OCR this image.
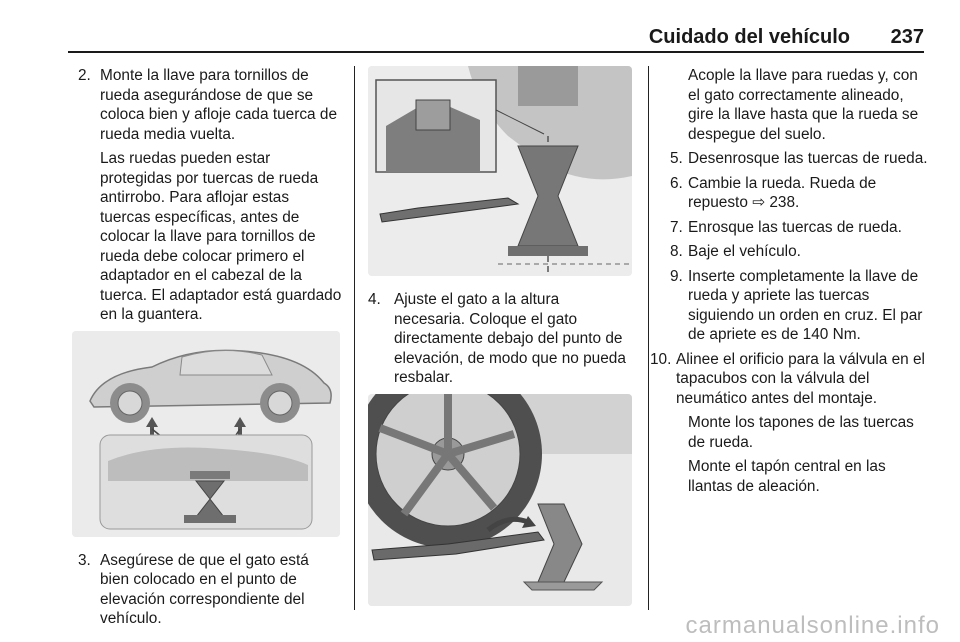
Cuidado del vehículo 237
2. Monte la llave para tornillos de rueda asegurándose de que se coloca bien y afloje cada tuerca de rueda media vuelta.
Las ruedas pueden estar protegidas por tuercas de rueda antirrobo. Para aflojar estas tuercas específicas, antes de colocar la llave para tornillos de rueda debe colocar primero el adaptador en el cabezal de la tuerca. El adaptador está guardado en la guantera.
3. Asegúrese de que el gato está bien colocado en el punto de elevación correspondiente del vehículo.
4. Ajuste el gato a la altura necesaria. Coloque el gato directamente debajo del punto de elevación, de modo que no pueda resbalar.
Acople la llave para ruedas y, con el gato correctamente alineado, gire la llave hasta que la rueda se despegue del suelo.
5. Desenrosque las tuercas de rueda.
6. Cambie la rueda. Rueda de repuesto ⇨ 238.
7. Enrosque las tuercas de rueda.
8. Baje el vehículo.
9. Inserte completamente la llave de rueda y apriete las tuercas siguiendo un orden en cruz. El par de apriete es de 140 Nm.
10. Alinee el orificio para la válvula en el tapacubos con la válvula del neumático antes del montaje.
Monte los tapones de las tuercas de rueda.
Monte el tapón central en las llantas de aleación.
carmanualsonline.info
